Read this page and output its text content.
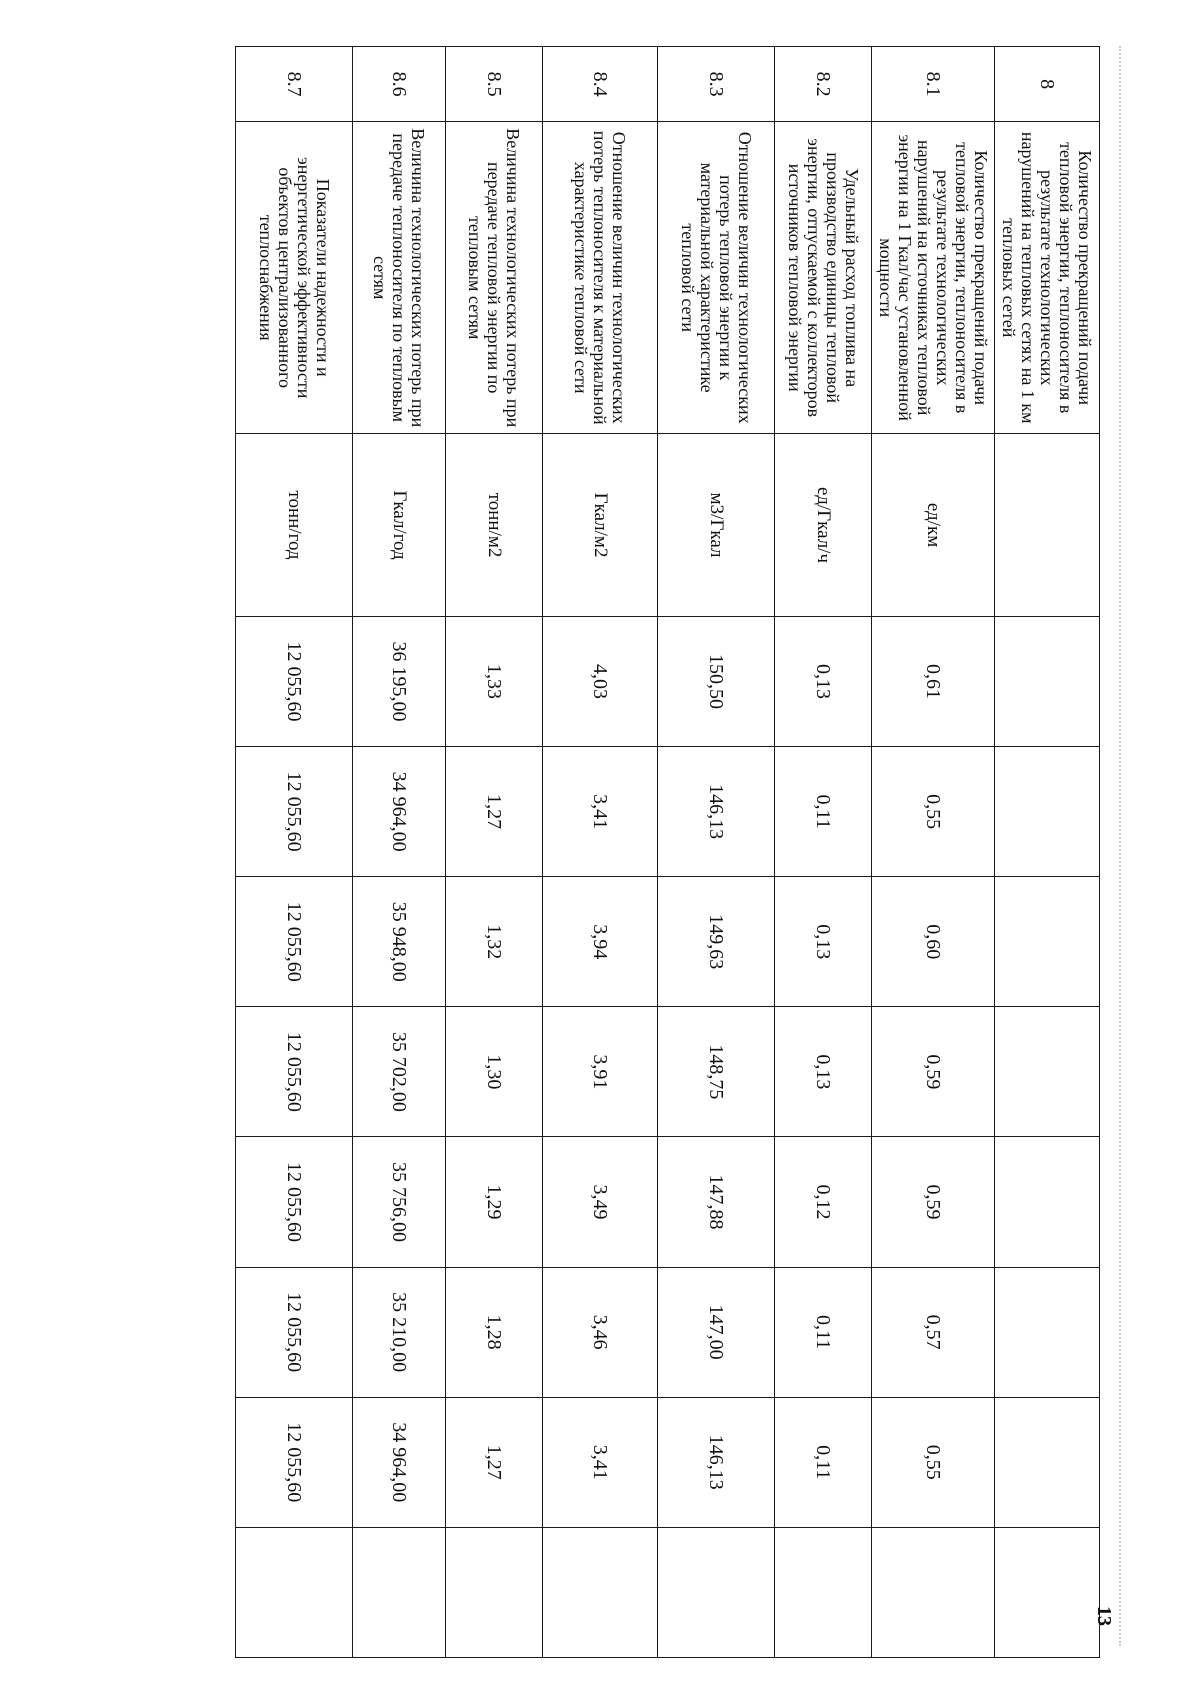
8	Количество прекращений подачи тепловой энергии, теплоносителя в результате технологических нарушений на тепловых сетях на 1 км тепловых сетей									
8.1	Количество прекращений подачи тепловой энергии, теплоносителя в результате технологических нарушений на источниках тепловой энергии на 1 Гкал/час установленной мощности	ед/км	0,61	0,55	0,60	0,59	0,59	0,57	0,55	
8.2	Удельный расход топлива на производство единицы тепловой энергии, отпускаемой с коллекторов источников тепловой энергии	ед/Гкал/ч	0,13	0,11	0,13	0,13	0,12	0,11	0,11	
8.3	Отношение величин технологических потерь тепловой энергии к материальной характеристике тепловой сети	м3/Гкал	150,50	146,13	149,63	148,75	147,88	147,00	146,13	
8.4	Отношение величин технологических потерь теплоносителя к материальной характеристике тепловой сети	Гкал/м2	4,03	3,41	3,94	3,91	3,49	3,46	3,41	
8.5	Величина технологических потерь при передаче тепловой энергии по тепловым сетям	тонн/м2	1,33	1,27	1,32	1,30	1,29	1,28	1,27	
8.6	Величина технологических потерь при передаче теплоносителя по тепловым сетям	Гкал/год	36 195,00	34 964,00	35 948,00	35 702,00	35 756,00	35 210,00	34 964,00	
8.7	Показатели надежности и энергетической эффективности объектов централизованного теплоснабжения	тонн/год	12 055,60	12 055,60	12 055,60	12 055,60	12 055,60	12 055,60	12 055,60	
13
